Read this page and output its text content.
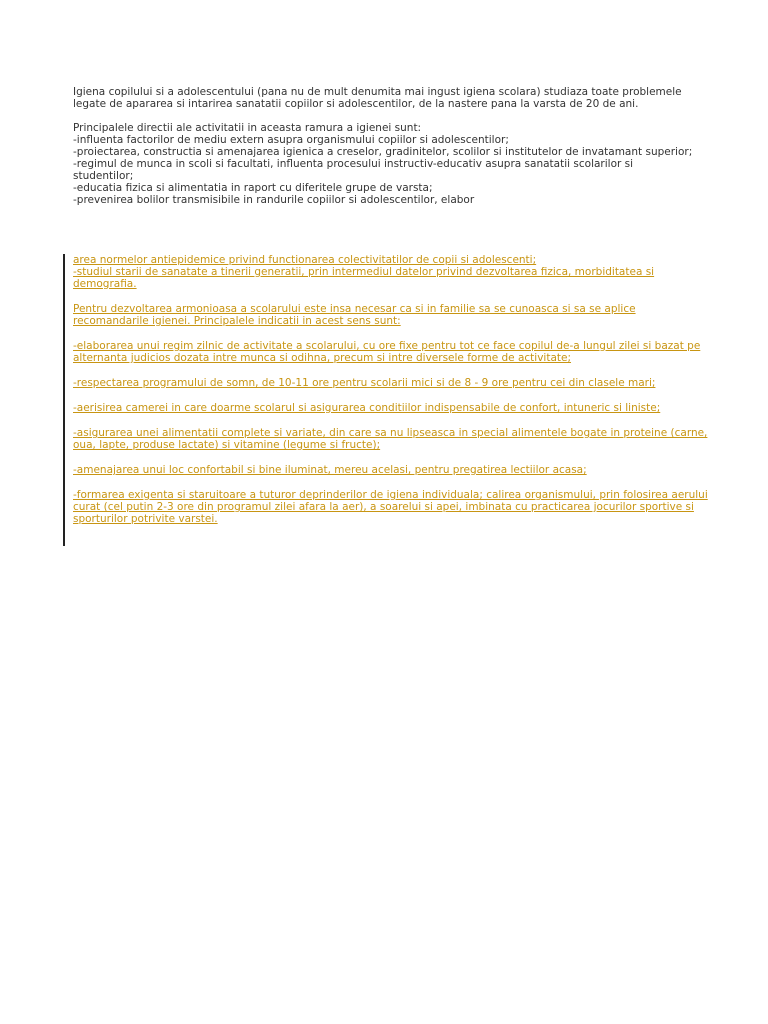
Igiena copilului si a adolescentului (pana nu de mult denumita mai ingust igiena scolara) studiaza toate problemele legate de apararea si intarirea sanatatii copiilor si adolescentilor, de la nastere pana la varsta de 20 de ani.

Principalele directii ale activitatii in aceasta ramura a igienei sunt:

-influenta factorilor de mediu extern asupra organismului copiilor si adolescentilor;

-proiectarea, constructia si amenajarea igienica a creselor, gradinitelor, scolilor si institutelor de invatamant superior;

-regimul de munca in scoli si facultati, influenta procesului instructiv-educativ asupra sanatatii scolarilor si studentilor;

-educatia fizica si alimentatia in raport cu diferitele grupe de varsta;

-prevenirea bolilor transmisibile in randurile copiilor si adolescentilor, elabor

area normelor antiepidemice privind functionarea colectivitatilor de copii si adolescenti;

-studiul starii de sanatate a tinerii generatii, prin intermediul datelor privind dezvoltarea fizica, morbiditatea si demografia.

Pentru dezvoltarea armonioasa a scolarului este insa necesar ca si in familie sa se cunoasca si sa se aplice recomandarile igienei. Principalele indicatii in acest sens sunt:

-elaborarea unui regim zilnic de activitate a scolarului, cu ore fixe pentru tot ce face copilul de-a lungul zilei si bazat pe alternanta judicios dozata intre munca si odihna, precum si intre diversele forme de activitate;

-respectarea programului de somn, de 10-11 ore pentru scolarii mici si de 8 - 9 ore pentru cei din clasele mari;

-aerisirea camerei in care doarme scolarul si asigurarea conditiilor indispensabile de confort, intuneric si liniste;

-asigurarea unei alimentatii complete si variate, din care sa nu lipseasca in special alimentele bogate in proteine (carne, oua, lapte, produse lactate) si vitamine (legume si fructe);

-amenajarea unui loc confortabil si bine iluminat, mereu acelasi, pentru pregatirea lectiilor acasa;

-formarea exigenta si staruitoare a tuturor deprinderilor de igiena individuala; calirea organismului, prin folosirea aerului curat (cel putin 2-3 ore din programul zilei afara la aer), a soarelui si apei, imbinata cu practicarea jocurilor sportive si sporturilor potrivite varstei.
